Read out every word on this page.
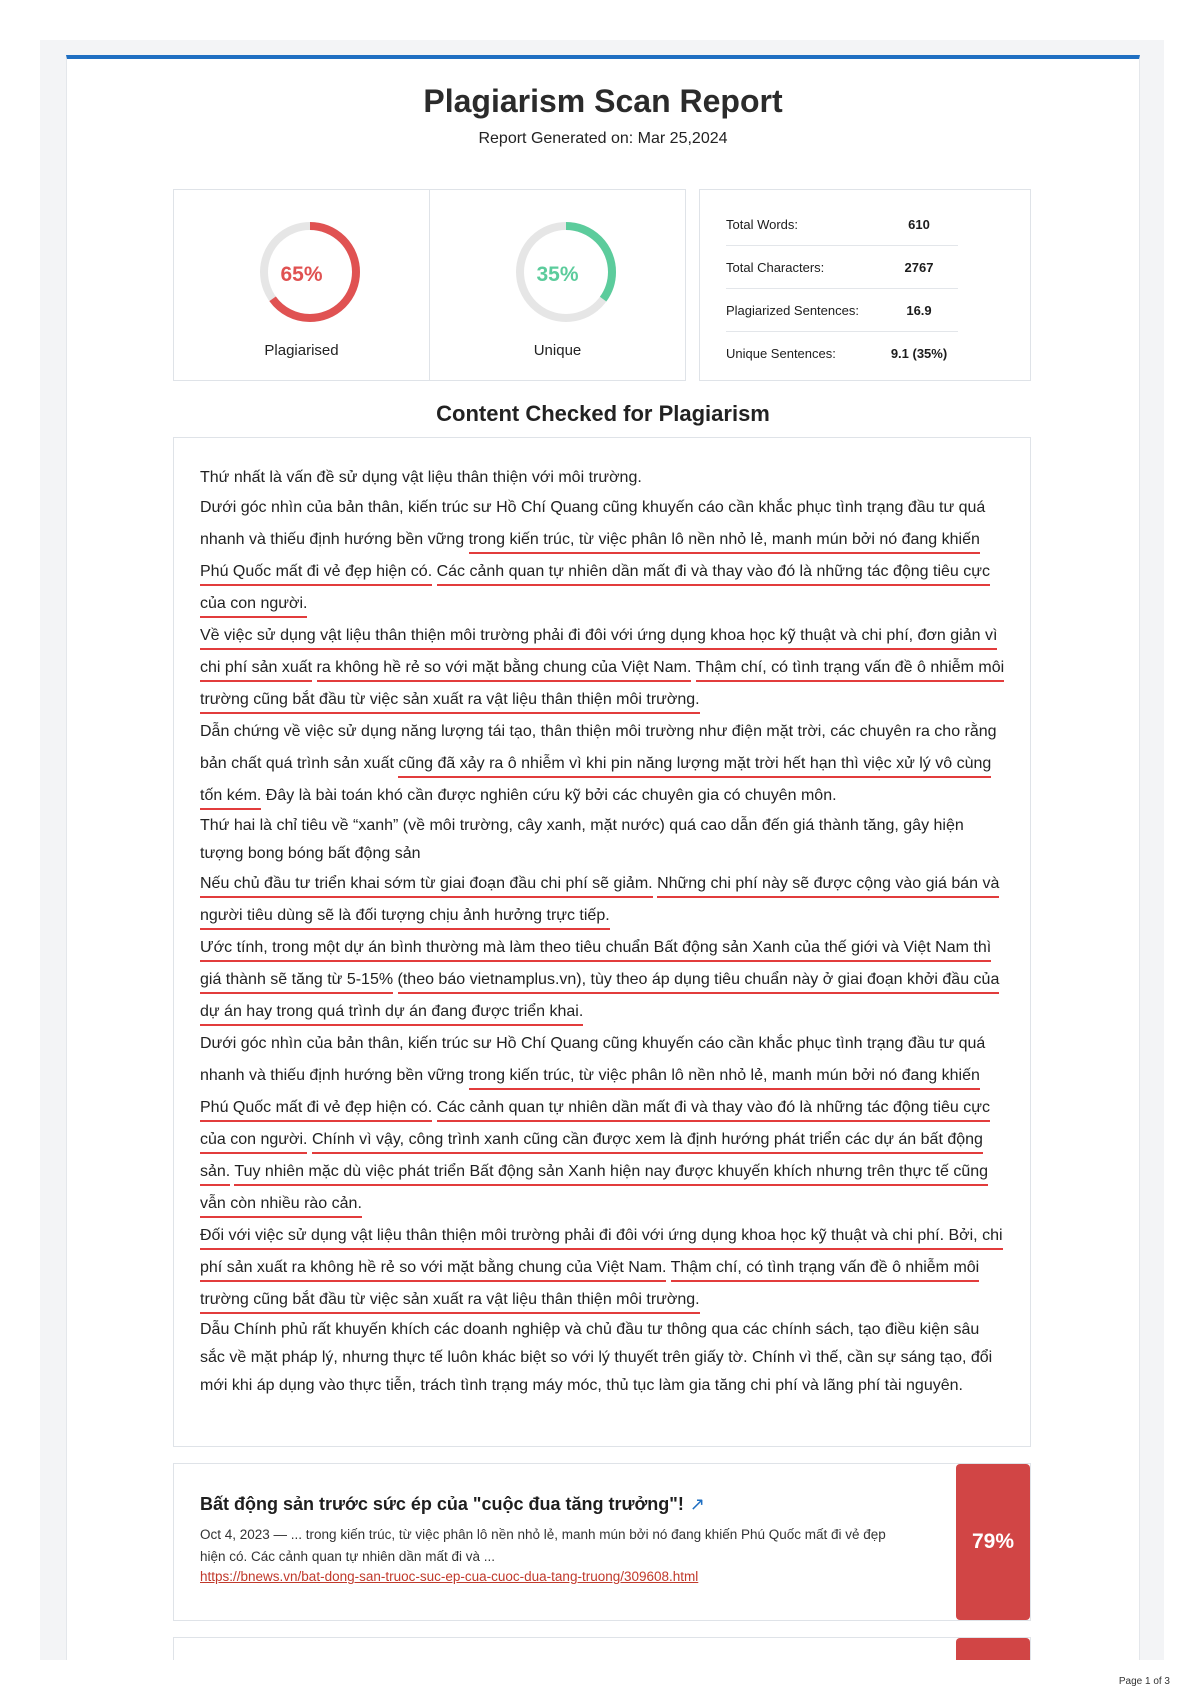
Plagiarism Scan Report
Report Generated on: Mar 25,2024
65%
Plagiarised
35%
Unique
Total Words:	610
Total Characters:	2767
Plagiarized Sentences:	16.9
Unique Sentences:	9.1 (35%)
Content Checked for Plagiarism

Thứ nhất là vấn đề sử dụng vật liệu thân thiện với môi trường.

Dưới góc nhìn của bản thân, kiến trúc sư Hồ Chí Quang cũng khuyến cáo cần khắc phục tình trạng đầu tư quá nhanh và thiếu định hướng bền vững trong kiến trúc, từ việc phân lô nền nhỏ lẻ, manh mún bởi nó đang khiến Phú Quốc mất đi vẻ đẹp hiện có. Các cảnh quan tự nhiên dần mất đi và thay vào đó là những tác động tiêu cực của con người.

Về việc sử dụng vật liệu thân thiện môi trường phải đi đôi với ứng dụng khoa học kỹ thuật và chi phí, đơn giản vì chi phí sản xuất ra không hề rẻ so với mặt bằng chung của Việt Nam. Thậm chí, có tình trạng vấn đề ô nhiễm môi trường cũng bắt đầu từ việc sản xuất ra vật liệu thân thiện môi trường.

Dẫn chứng về việc sử dụng năng lượng tái tạo, thân thiện môi trường như điện mặt trời, các chuyên ra cho rằng bản chất quá trình sản xuất cũng đã xảy ra ô nhiễm vì khi pin năng lượng mặt trời hết hạn thì việc xử lý vô cùng tốn kém. Đây là bài toán khó cần được nghiên cứu kỹ bởi các chuyên gia có chuyên môn.

Thứ hai là chỉ tiêu về “xanh” (về môi trường, cây xanh, mặt nước) quá cao dẫn đến giá thành tăng, gây hiện tượng bong bóng bất động sản

Nếu chủ đầu tư triển khai sớm từ giai đoạn đầu chi phí sẽ giảm. Những chi phí này sẽ được cộng vào giá bán và người tiêu dùng sẽ là đối tượng chịu ảnh hưởng trực tiếp.

Ước tính, trong một dự án bình thường mà làm theo tiêu chuẩn Bất động sản Xanh của thế giới và Việt Nam thì giá thành sẽ tăng từ 5-15% (theo báo vietnamplus.vn), tùy theo áp dụng tiêu chuẩn này ở giai đoạn khởi đầu của dự án hay trong quá trình dự án đang được triển khai.

Dưới góc nhìn của bản thân, kiến trúc sư Hồ Chí Quang cũng khuyến cáo cần khắc phục tình trạng đầu tư quá nhanh và thiếu định hướng bền vững trong kiến trúc, từ việc phân lô nền nhỏ lẻ, manh mún bởi nó đang khiến Phú Quốc mất đi vẻ đẹp hiện có. Các cảnh quan tự nhiên dần mất đi và thay vào đó là những tác động tiêu cực của con người. Chính vì vậy, công trình xanh cũng cần được xem là định hướng phát triển các dự án bất động sản. Tuy nhiên mặc dù việc phát triển Bất động sản Xanh hiện nay được khuyến khích nhưng trên thực tế cũng vẫn còn nhiều rào cản.

Đối với việc sử dụng vật liệu thân thiện môi trường phải đi đôi với ứng dụng khoa học kỹ thuật và chi phí. Bởi, chi phí sản xuất ra không hề rẻ so với mặt bằng chung của Việt Nam. Thậm chí, có tình trạng vấn đề ô nhiễm môi trường cũng bắt đầu từ việc sản xuất ra vật liệu thân thiện môi trường.

Dẫu Chính phủ rất khuyến khích các doanh nghiệp và chủ đầu tư thông qua các chính sách, tạo điều kiện sâu sắc về mặt pháp lý, nhưng thực tế luôn khác biệt so với lý thuyết trên giấy tờ. Chính vì thế, cần sự sáng tạo, đổi mới khi áp dụng vào thực tiễn, trách tình trạng máy móc, thủ tục làm gia tăng chi phí và lãng phí tài nguyên.

Bất động sản trước sức ép của "cuộc đua tăng trưởng"! ↗
Oct 4, 2023 — ... trong kiến trúc, từ việc phân lô nền nhỏ lẻ, manh mún bởi nó đang khiến Phú Quốc mất đi vẻ đẹp hiện có. Các cảnh quan tự nhiên dần mất đi và ...
https://bnews.vn/bat-dong-san-truoc-suc-ep-cua-cuoc-dua-tang-truong/309608.html
79%
Page 1 of 3
